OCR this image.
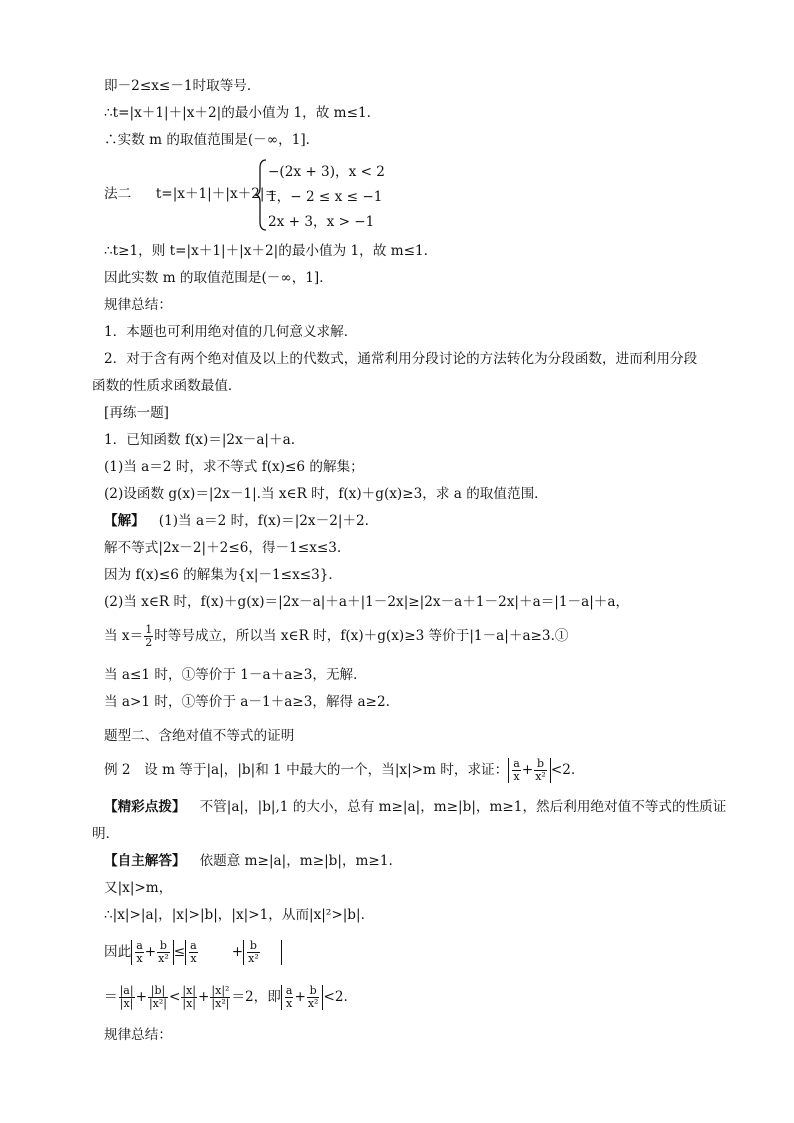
即－2≤x≤－1时取等号．
∴t=|x＋1|＋|x＋2|的最小值为 1，故 m≤1.
∴实数 m 的取值范围是(－∞，1]．
法二 t=|x＋1|＋|x＋2|＝
−(2x + 3)，x < 2
1，− 2 ≤ x ≤ −1
2x + 3，x > −1
∴t≥1，则 t=|x＋1|＋|x＋2|的最小值为 1，故 m≤1.
因此实数 m 的取值范围是(－∞，1]．
规律总结：
1．本题也可利用绝对值的几何意义求解．
2．对于含有两个绝对值及以上的代数式，通常利用分段讨论的方法转化为分段函数，进而利用分段
函数的性质求函数最值．
[再练一题]
1．已知函数 f(x)＝|2x－a|＋a.
(1)当 a＝2 时，求不等式 f(x)≤6 的解集；
(2)设函数 g(x)＝|2x－1|.当 x∈R 时，f(x)＋g(x)≥3，求 a 的取值范围．
【解】 (1)当 a＝2 时，f(x)＝|2x－2|＋2.
解不等式|2x－2|＋2≤6，得－1≤x≤3.
因为 f(x)≤6 的解集为{x|－1≤x≤3}．
(2)当 x∈R 时，f(x)＋g(x)＝|2x－a|＋a＋|1－2x|≥|2x－a＋1－2x|＋a＝|1－a|＋a，
当 $x= \frac{1}{2}$ 时等号成立，所以当 x∈R 时，f(x)＋g(x)≥3 等价于|1－a|＋a≥3.①
当 a≤1 时，①等价于 1－a＋a≥3，无解．
当 a>1 时，①等价于 a－1＋a≥3，解得 a≥2.
题型二、含绝对值不等式的证明
例 2　设 m 等于|a|，|b|和 1 中最大的一个，当|x|>m 时，求证： $\frac{a}{x} + \frac{b}{\text{x²}} <2$.
【精彩点拨】 不管|a|，|b|,1 的大小，总有 m≥|a|，m≥|b|，m≥1，然后利用绝对值不等式的性质证
明．
【自主解答】 依题意 m≥|a|，m≥|b|，m≥1.
又|x|>m，
∴|x|>|a|，|x|>|b|，|x|>1，从而|x|²>|b|.
因此 $\frac{a}{x} + \frac{b}{\text{x²}} \le \frac{a}{x}$	+ $\frac{b}{\text{x²}}$
＝ $\frac{|a|}{|x|} + \frac{|b|}{\text{|x²|}} < \frac{|x|}{|x|} + \frac{\text{|x|²}}{\text{|x²|}} =2$，即 $\frac{a}{x} + \frac{b}{\text{x²}} <2$.
规律总结：
